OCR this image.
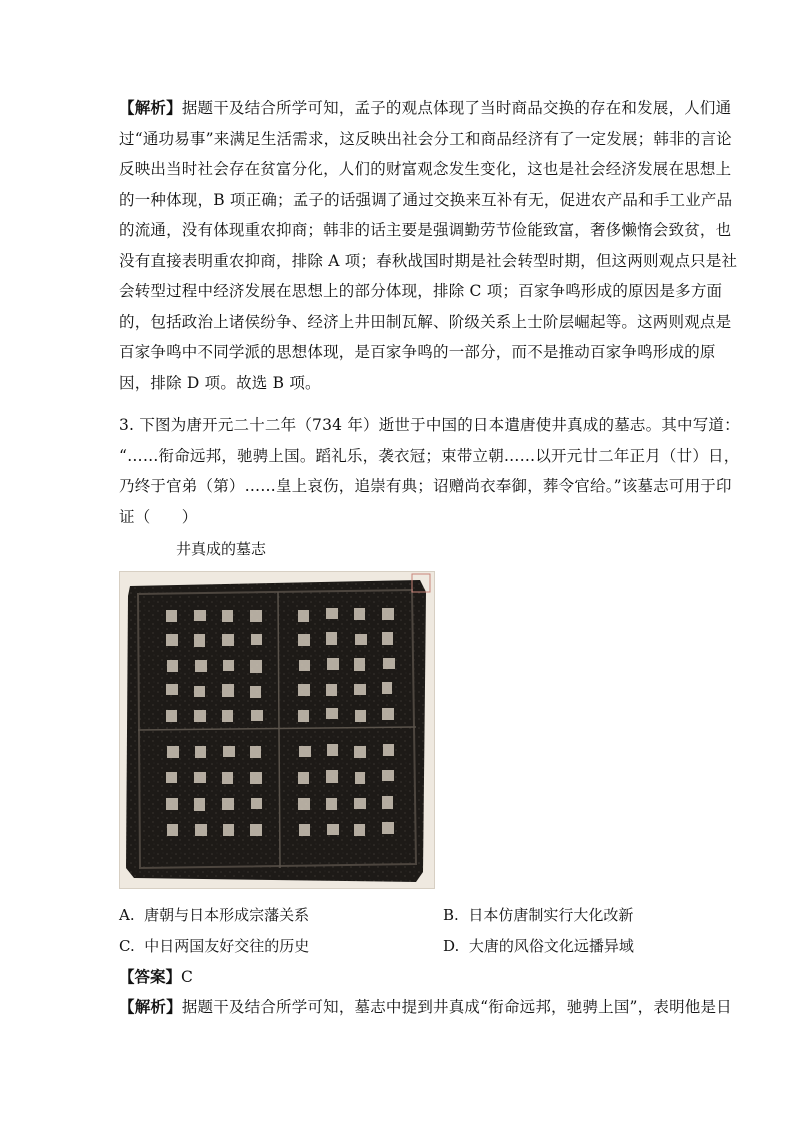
【解析】据题干及结合所学可知，孟子的观点体现了当时商品交换的存在和发展，人们通
过“通功易事”来满足生活需求，这反映出社会分工和商品经济有了一定发展；韩非的言论
反映出当时社会存在贫富分化，人们的财富观念发生变化，这也是社会经济发展在思想上
的一种体现，B 项正确；孟子的话强调了通过交换来互补有无，促进农产品和手工业产品
的流通，没有体现重农抑商；韩非的话主要是强调勤劳节俭能致富，奢侈懒惰会致贫，也
没有直接表明重农抑商，排除 A 项；春秋战国时期是社会转型时期，但这两则观点只是社
会转型过程中经济发展在思想上的部分体现，排除 C 项；百家争鸣形成的原因是多方面
的，包括政治上诸侯纷争、经济上井田制瓦解、阶级关系上士阶层崛起等。这两则观点是
百家争鸣中不同学派的思想体现，是百家争鸣的一部分，而不是推动百家争鸣形成的原
因，排除 D 项。故选 B 项。
3. 下图为唐开元二十二年（734 年）逝世于中国的日本遣唐使井真成的墓志。其中写道：
“……衔命远邦，驰骋上国。蹈礼乐，袭衣冠；束带立朝……以开元廿二年正月（廿）日，
乃终于官弟（第）……皇上哀伤，追崇有典；诏赠尚衣奉御，葬令官给。”该墓志可用于印
证（　　）
井真成的墓志
A. 唐朝与日本形成宗藩关系	B. 日本仿唐制实行大化改新
C. 中日两国友好交往的历史	D. 大唐的风俗文化远播异域
【答案】C
【解析】据题干及结合所学可知，墓志中提到井真成“衔命远邦，驰骋上国”，表明他是日
